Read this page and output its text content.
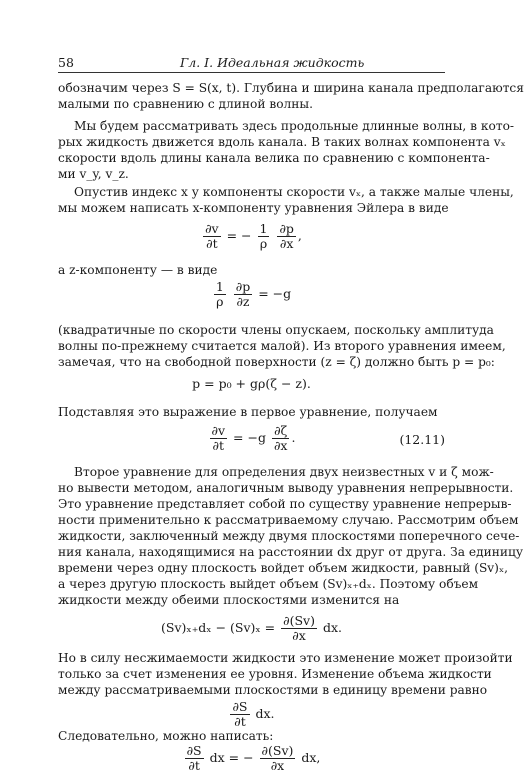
58	Гл. I. Идеальная жидкость
обозначим через S = S(x, t). Глубина и ширина канала предполагаются
малыми по сравнению с длиной волны.
Мы будем рассматривать здесь продольные длинные волны, в кото-
рых жидкость движется вдоль канала. В таких волнах компонента vₓ
скорости вдоль длины канала велика по сравнению с компонента-
ми v_y, v_z.
Опустив индекс x у компоненты скорости vₓ, а также малые члены,
мы можем написать x-компоненту уравнения Эйлера в виде
$\frac{\partial v}{\partial t}$ = − $\frac{1}{\rho}$
$\frac{\partial p}{\partial x}$ ,
а z-компоненту — в виде
$\frac{1}{\rho}$
$\frac{\partial p}{\partial z} = -g$
(квадратичные по скорости члены опускаем, поскольку амплитуда
волны по-прежнему считается малой). Из второго уравнения имеем,
замечая, что на свободной поверхности (z = ζ) должно быть p = p₀:
p = p₀ + gρ(ζ − z).
Подставляя это выражение в первое уравнение, получаем
$\frac{\partial v}{\partial t} = -g \frac{\partial\zeta}{\partial x}$ .	(12.11)
Второе уравнение для определения двух неизвестных v и ζ мож-
но вывести методом, аналогичным выводу уравнения непрерывности.
Это уравнение представляет собой по существу уравнение непрерыв-
ности применительно к рассматриваемому случаю. Рассмотрим объем
жидкости, заключенный между двумя плоскостями поперечного сече-
ния канала, находящимися на расстоянии dx друг от друга. За единицу
времени через одну плоскость войдет объем жидкости, равный (Sv)ₓ,
а через другую плоскость выйдет объем (Sv)ₓ₊dₓ. Поэтому объем
жидкости между обеими плоскостями изменится на
$(Sv)_{x+}d_x - (Sv)_x = \frac{\partial(Sv)}{\partial x}$ dx.
Но в силу несжимаемости жидкости это изменение может произойти
только за счет изменения ее уровня. Изменение объема жидкости
между рассматриваемыми плоскостями в единицу времени равно
$\frac{\partial S}{\partial t}$ dx.
Следовательно, можно написать:
$\frac{\partial S}{\partial t}$ dx = − $\frac{\partial(Sv)}{\partial x}$ dx,
